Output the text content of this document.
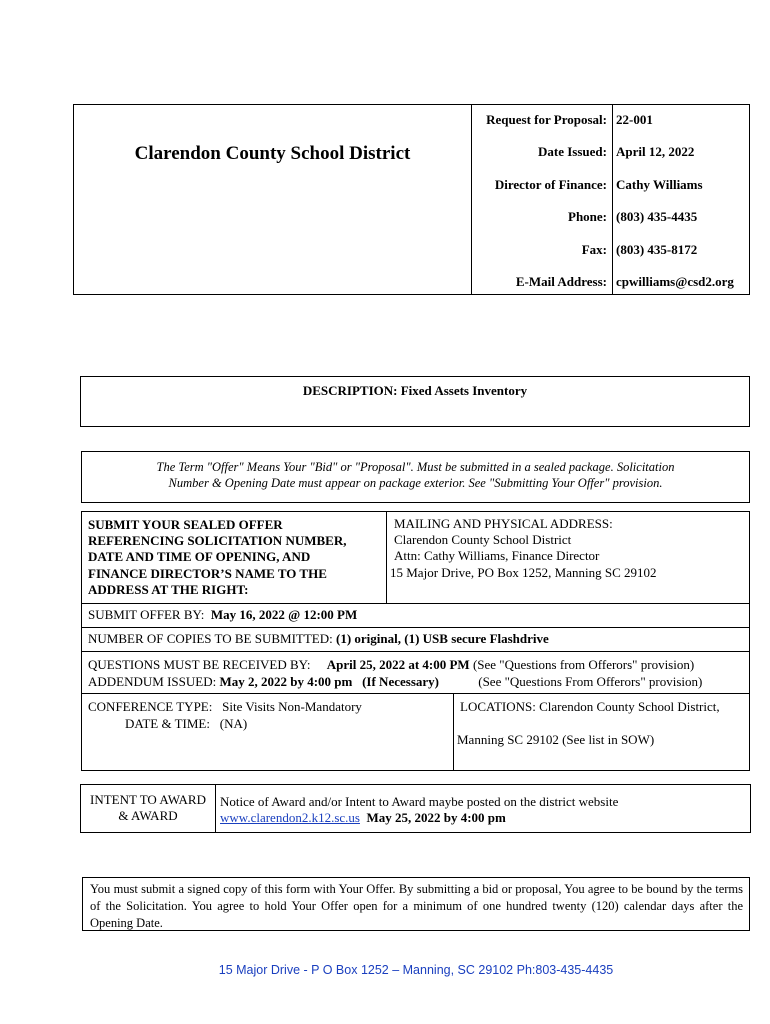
Clarendon County School District
Request for Proposal: 22-001
Date Issued: April 12, 2022
Director of Finance: Cathy Williams
Phone: (803) 435-4435
Fax: (803) 435-8172
E-Mail Address: cpwilliams@csd2.org
DESCRIPTION: Fixed Assets Inventory
The Term "Offer" Means Your "Bid" or "Proposal". Must be submitted in a sealed package. Solicitation
Number & Opening Date must appear on package exterior. See "Submitting Your Offer" provision.
SUBMIT YOUR SEALED OFFER
REFERENCING SOLICITATION NUMBER,
DATE AND TIME OF OPENING, AND
FINANCE DIRECTOR’S NAME TO THE
ADDRESS AT THE RIGHT:
MAILING AND PHYSICAL ADDRESS:
Clarendon County School District
Attn: Cathy Williams, Finance Director
15 Major Drive, PO Box 1252, Manning SC 29102
SUBMIT OFFER BY: May 16, 2022 @ 12:00 PM
NUMBER OF COPIES TO BE SUBMITTED: (1) original, (1) USB secure Flashdrive
QUESTIONS MUST BE RECEIVED BY: April 25, 2022 at 4:00 PM (See "Questions from Offerors" provision)
ADDENDUM ISSUED: May 2, 2022 by 4:00 pm (If Necessary)	(See "Questions From Offerors" provision)
CONFERENCE TYPE: Site Visits Non-Mandatory
DATE & TIME: (NA)
LOCATIONS: Clarendon County School District,
Manning SC 29102 (See list in SOW)
INTENT TO AWARD
& AWARD
Notice of Award and/or Intent to Award maybe posted on the district website
www.clarendon2.k12.sc.us May 25, 2022 by 4:00 pm
You must submit a signed copy of this form with Your Offer. By submitting a bid or proposal, You agree to be bound by the terms of the Solicitation. You agree to hold Your Offer open for a minimum of one hundred twenty (120) calendar days after the Opening Date.
15 Major Drive - P O Box 1252 – Manning, SC 29102 Ph:803-435-4435
